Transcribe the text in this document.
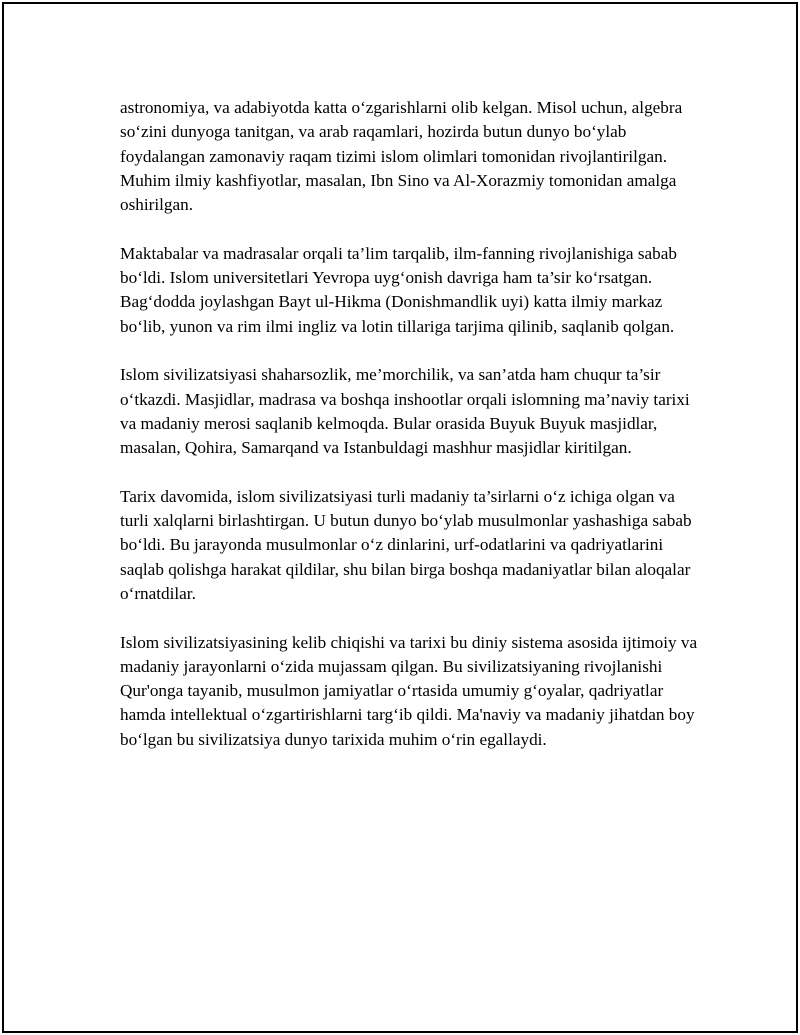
astronomiya, va adabiyotda katta o‘zgarishlarni olib kelgan. Misol uchun, algebra so‘zini dunyoga tanitgan, va arab raqamlari, hozirda butun dunyo bo‘ylab foydalangan zamonaviy raqam tizimi islom olimlari tomonidan rivojlantirilgan. Muhim ilmiy kashfiyotlar, masalan, Ibn Sino va Al-Xorazmiy tomonidan amalga oshirilgan.

Maktabalar va madrasalar orqali ta’lim tarqalib, ilm-fanning rivojlanishiga sabab bo‘ldi. Islom universitetlari Yevropa uyg‘onish davriga ham ta’sir ko‘rsatgan. Bag‘dodda joylashgan Bayt ul-Hikma (Donishmandlik uyi) katta ilmiy markaz bo‘lib, yunon va rim ilmi ingliz va lotin tillariga tarjima qilinib, saqlanib qolgan.

Islom sivilizatsiyasi shaharsozlik, me’morchilik, va san’atda ham chuqur ta’sir o‘tkazdi. Masjidlar, madrasa va boshqa inshootlar orqali islomning ma’naviy tarixi va madaniy merosi saqlanib kelmoqda. Bular orasida Buyuk Buyuk masjidlar, masalan, Qohira, Samarqand va Istanbuldagi mashhur masjidlar kiritilgan.

Tarix davomida, islom sivilizatsiyasi turli madaniy ta’sirlarni o‘z ichiga olgan va turli xalqlarni birlashtirgan. U butun dunyo bo‘ylab musulmonlar yashashiga sabab bo‘ldi. Bu jarayonda musulmonlar o‘z dinlarini, urf-odatlarini va qadriyatlarini saqlab qolishga harakat qildilar, shu bilan birga boshqa madaniyatlar bilan aloqalar o‘rnatdilar.

Islom sivilizatsiyasining kelib chiqishi va tarixi bu diniy sistema asosida ijtimoiy va madaniy jarayonlarni o‘zida mujassam qilgan. Bu sivilizatsiyaning rivojlanishi Qur'onga tayanib, musulmon jamiyatlar o‘rtasida umumiy g‘oyalar, qadriyatlar hamda intellektual o‘zgartirishlarni targ‘ib qildi. Ma'naviy va madaniy jihatdan boy bo‘lgan bu sivilizatsiya dunyo tarixida muhim o‘rin egallaydi.
